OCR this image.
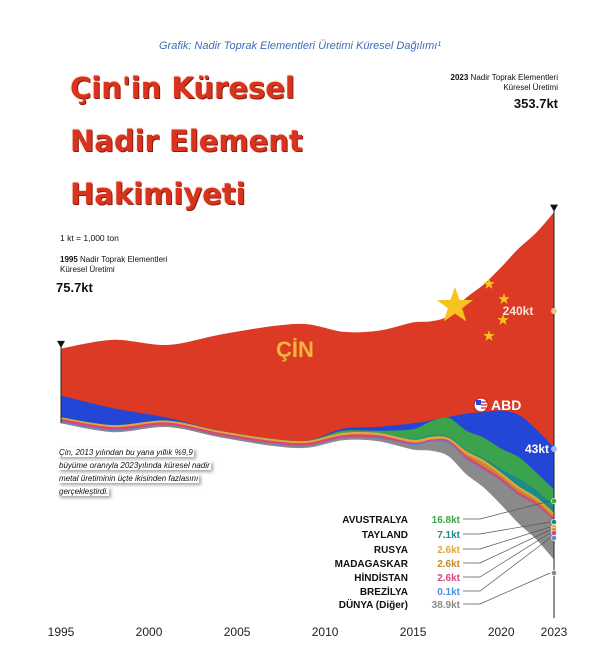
Grafik: Nadir Toprak Elementleri Üretimi Küresel Dağılımı¹
Çin'in Küresel
Nadir Element
Hakimiyeti
1 kt = 1,000 ton
1995 Nadir Toprak Elementleri
Küresel Üretimi
75.7kt
2023 Nadir Toprak Elementleri
Küresel Üretimi
353.7kt
ÇİN
240kt
43kt
ABD
AVUSTRALYA 16.8kt
TAYLAND	7.1kt
RUSYA	2.6kt
MADAGASKAR	2.6kt
HİNDİSTAN	2.6kt
BREZİLYA	0.1kt
DÜNYA (Diğer) 38.9kt
1995	2000	2005	2010	2015	2020 2023
Çin, 2013 yılından bu yana yıllık %9,9
büyüme oranıyla 2023yılında küresel nadir
metal üretiminin üçte ikisinden fazlasını
gerçekleştirdi.
